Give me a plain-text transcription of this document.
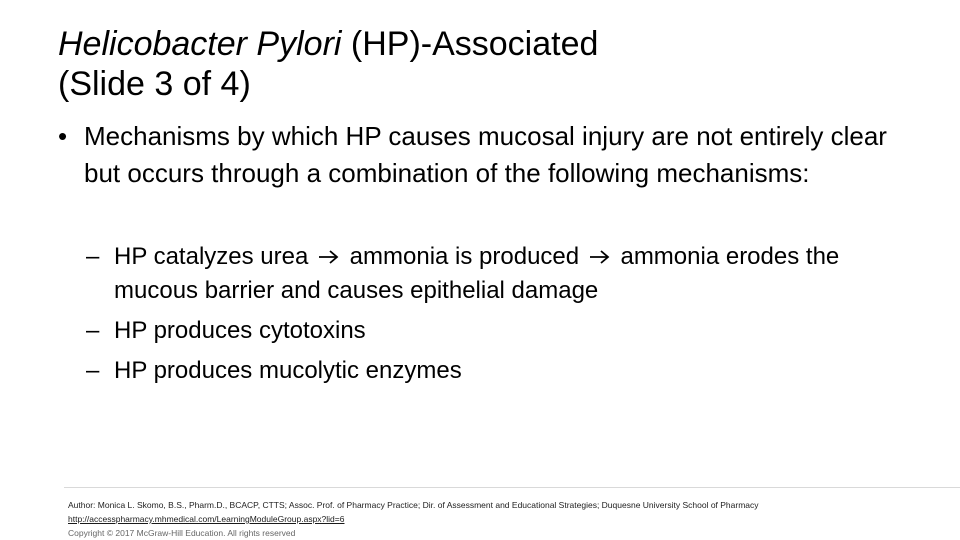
Helicobacter Pylori (HP)-Associated
(Slide 3 of 4)
• Mechanisms by which HP causes mucosal injury are not entirely clear but occurs through a combination of the following mechanisms:
– HP catalyzes urea ammonia is produced ammonia erodes the mucous barrier and causes epithelial damage
– HP produces cytotoxins
– HP produces mucolytic enzymes
Author: Monica L. Skomo, B.S., Pharm.D., BCACP, CTTS; Assoc. Prof. of Pharmacy Practice; Dir. of Assessment and Educational Strategies; Duquesne University School of Pharmacy
http://accesspharmacy.mhmedical.com/LearningModuleGroup.aspx?lid=6
Copyright © 2017 McGraw-Hill Education. All rights reserved
